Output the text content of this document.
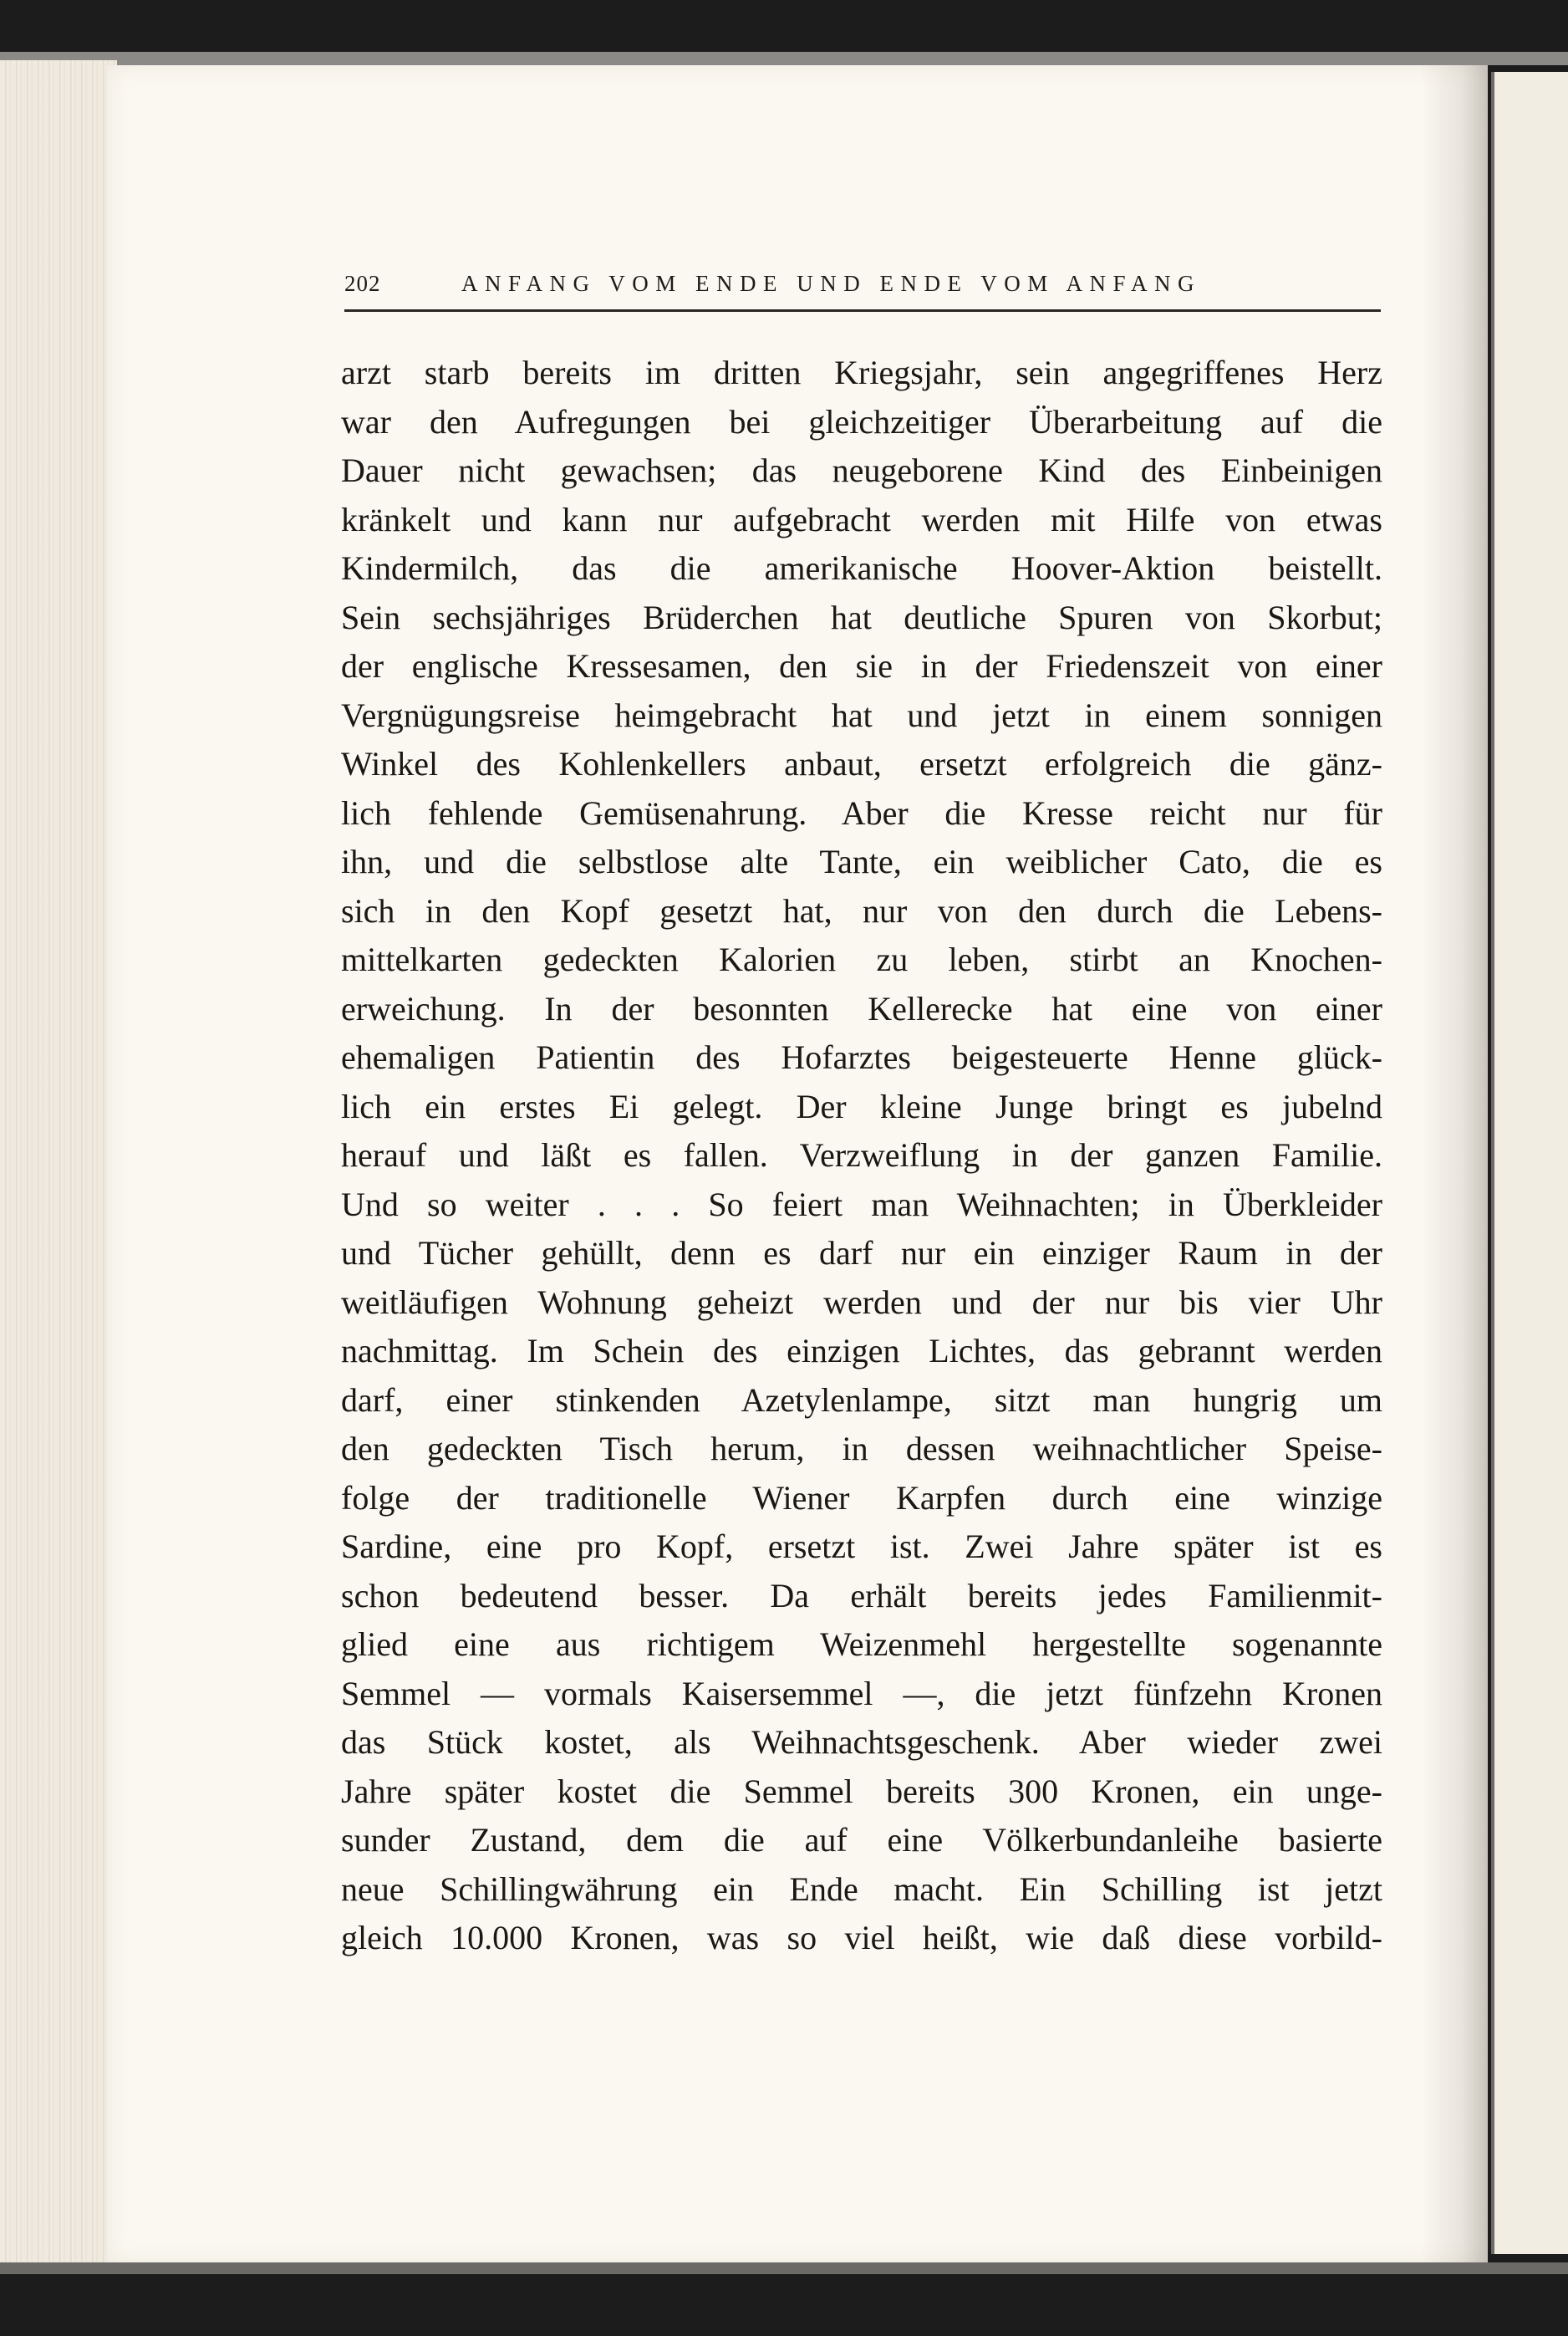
202	ANFANG VOM ENDE UND ENDE VOM ANFANG
arzt starb bereits im dritten Kriegsjahr, sein angegriffenes Herz
war den Aufregungen bei gleichzeitiger Überarbeitung auf die
Dauer nicht gewachsen; das neugeborene Kind des Einbeinigen
kränkelt und kann nur aufgebracht werden mit Hilfe von etwas
Kindermilch, das die amerikanische Hoover-Aktion beistellt.
Sein sechsjähriges Brüderchen hat deutliche Spuren von Skorbut;
der englische Kressesamen, den sie in der Friedenszeit von einer
Vergnügungsreise heimgebracht hat und jetzt in einem sonnigen
Winkel des Kohlenkellers anbaut, ersetzt erfolgreich die gänz-
lich fehlende Gemüsenahrung. Aber die Kresse reicht nur für
ihn, und die selbstlose alte Tante, ein weiblicher Cato, die es
sich in den Kopf gesetzt hat, nur von den durch die Lebens-
mittelkarten gedeckten Kalorien zu leben, stirbt an Knochen-
erweichung. In der besonnten Kellerecke hat eine von einer
ehemaligen Patientin des Hofarztes beigesteuerte Henne glück-
lich ein erstes Ei gelegt. Der kleine Junge bringt es jubelnd
herauf und läßt es fallen. Verzweiflung in der ganzen Familie.
Und so weiter . . . So feiert man Weihnachten; in Überkleider
und Tücher gehüllt, denn es darf nur ein einziger Raum in der
weitläufigen Wohnung geheizt werden und der nur bis vier Uhr
nachmittag. Im Schein des einzigen Lichtes, das gebrannt werden
darf, einer stinkenden Azetylenlampe, sitzt man hungrig um
den gedeckten Tisch herum, in dessen weihnachtlicher Speise-
folge der traditionelle Wiener Karpfen durch eine winzige
Sardine, eine pro Kopf, ersetzt ist. Zwei Jahre später ist es
schon bedeutend besser. Da erhält bereits jedes Familienmit-
glied eine aus richtigem Weizenmehl hergestellte sogenannte
Semmel — vormals Kaisersemmel —, die jetzt fünfzehn Kronen
das Stück kostet, als Weihnachtsgeschenk. Aber wieder zwei
Jahre später kostet die Semmel bereits 300 Kronen, ein unge-
sunder Zustand, dem die auf eine Völkerbundanleihe basierte
neue Schillingwährung ein Ende macht. Ein Schilling ist jetzt
gleich 10.000 Kronen, was so viel heißt, wie daß diese vorbild-
